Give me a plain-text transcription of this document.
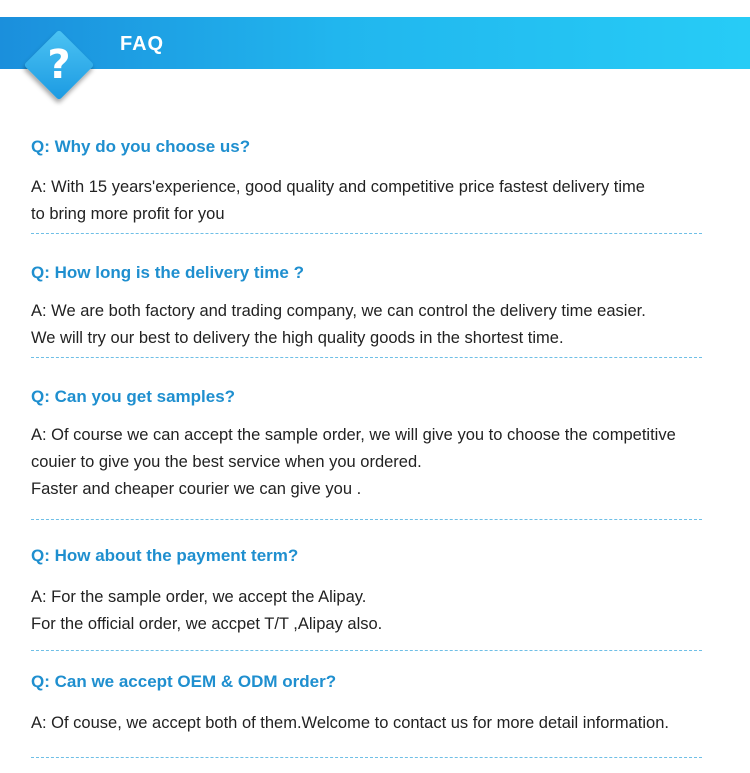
FAQ
?
Q: Why do you choose us?
A: With 15 years'experience, good quality and competitive price fastest delivery time
to bring more profit for you
Q: How long is the delivery time ?
A: We are both factory and trading company, we can control the delivery time easier.
We will try our best to delivery the high quality goods in the shortest time.
Q: Can you get samples?
A: Of course we can accept the sample order, we will give you to choose the competitive
couier to give you the best service when you ordered.
Faster and cheaper courier we can give you .
Q: How about the payment term?
A: For the sample order, we accept the Alipay.
For the official order, we accpet T/T ,Alipay also.
Q: Can we accept OEM & ODM order?
A: Of couse, we accept both of them.Welcome to contact us for more detail information.
